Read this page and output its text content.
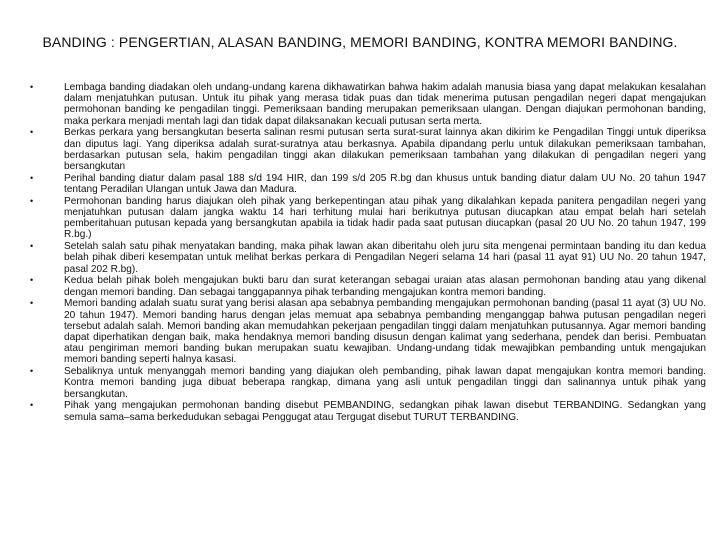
BANDING : PENGERTIAN, ALASAN BANDING, MEMORI BANDING, KONTRA MEMORI BANDING.
•	Lembaga banding diadakan oleh undang-undang karena dikhawatirkan bahwa hakim adalah manusia biasa yang dapat melakukan kesalahan dalam menjatuhkan putusan. Untuk itu pihak yang merasa tidak puas dan tidak menerima putusan pengadilan negeri dapat mengajukan permohonan banding ke pengadilan tinggi. Pemeriksaan banding merupakan pemeriksaan ulangan. Dengan diajukan permohonan banding, maka perkara menjadi mentah lagi dan tidak dapat dilaksanakan kecuali putusan serta merta.
•	Berkas perkara yang bersangkutan beserta salinan resmi putusan serta surat-surat lainnya akan dikirim ke Pengadilan Tinggi untuk diperiksa dan diputus lagi. Yang diperiksa adalah surat-suratnya atau berkasnya. Apabila dipandang perlu untuk dilakukan pemeriksaan tambahan, berdasarkan putusan sela, hakim pengadilan tinggi akan dilakukan pemeriksaan tambahan yang dilakukan di pengadilan negeri yang bersangkutan
•	Perihal banding diatur dalam pasal 188 s/d 194 HIR, dan 199 s/d 205 R.bg dan khusus untuk banding diatur dalam UU No. 20 tahun 1947 tentang Peradilan Ulangan untuk Jawa dan Madura.
•	Permohonan banding harus diajukan oleh pihak yang berkepentingan atau pihak yang dikalahkan kepada panitera pengadilan negeri yang menjatuhkan putusan dalam jangka waktu 14 hari terhitung mulai hari berikutnya putusan diucapkan atau empat belah hari setelah pemberitahuan putusan kepada yang bersangkutan apabila ia tidak hadir pada saat putusan diucapkan (pasal 20 UU No. 20 tahun 1947, 199 R.bg.)
•	Setelah salah satu pihak menyatakan banding, maka pihak lawan akan diberitahu oleh juru sita mengenai permintaan banding itu dan kedua belah pihak diberi kesempatan untuk melihat berkas perkara di Pengadilan Negeri selama 14 hari (pasal 11 ayat 91) UU No. 20 tahun 1947, pasal 202 R.bg).
•	Kedua belah pihak boleh mengajukan bukti baru dan surat keterangan sebagai uraian atas alasan permohonan banding atau yang dikenal dengan memori banding. Dan sebagai tanggapannya pihak terbanding mengajukan kontra memori banding.
•	Memori banding adalah suatu surat yang berisi alasan apa sebabnya pembanding mengajukan permohonan banding (pasal 11 ayat (3) UU No. 20 tahun 1947). Memori banding harus dengan jelas memuat apa sebabnya pembanding menganggap bahwa putusan pengadilan negeri tersebut adalah salah. Memori banding akan memudahkan pekerjaan pengadilan tinggi dalam menjatuhkan putusannya. Agar memori banding dapat diperhatikan dengan baik, maka hendaknya memori banding disusun dengan kalimat yang sederhana, pendek dan berisi. Pembuatan atau pengiriman memori banding bukan merupakan suatu kewajiban. Undang-undang tidak mewajibkan pembanding untuk mengajukan memori banding seperti halnya kasasi.
•	Sebaliknya untuk menyanggah memori banding yang diajukan oleh pembanding, pihak lawan dapat mengajukan kontra memori banding. Kontra memori banding juga dibuat beberapa rangkap, dimana yang asli untuk pengadilan tinggi dan salinannya untuk pihak yang bersangkutan.
•	Pihak yang mengajukan permohonan banding disebut PEMBANDING, sedangkan pihak lawan disebut TERBANDING. Sedangkan yang semula sama–sama berkedudukan sebagai Penggugat atau Tergugat disebut TURUT TERBANDING.
